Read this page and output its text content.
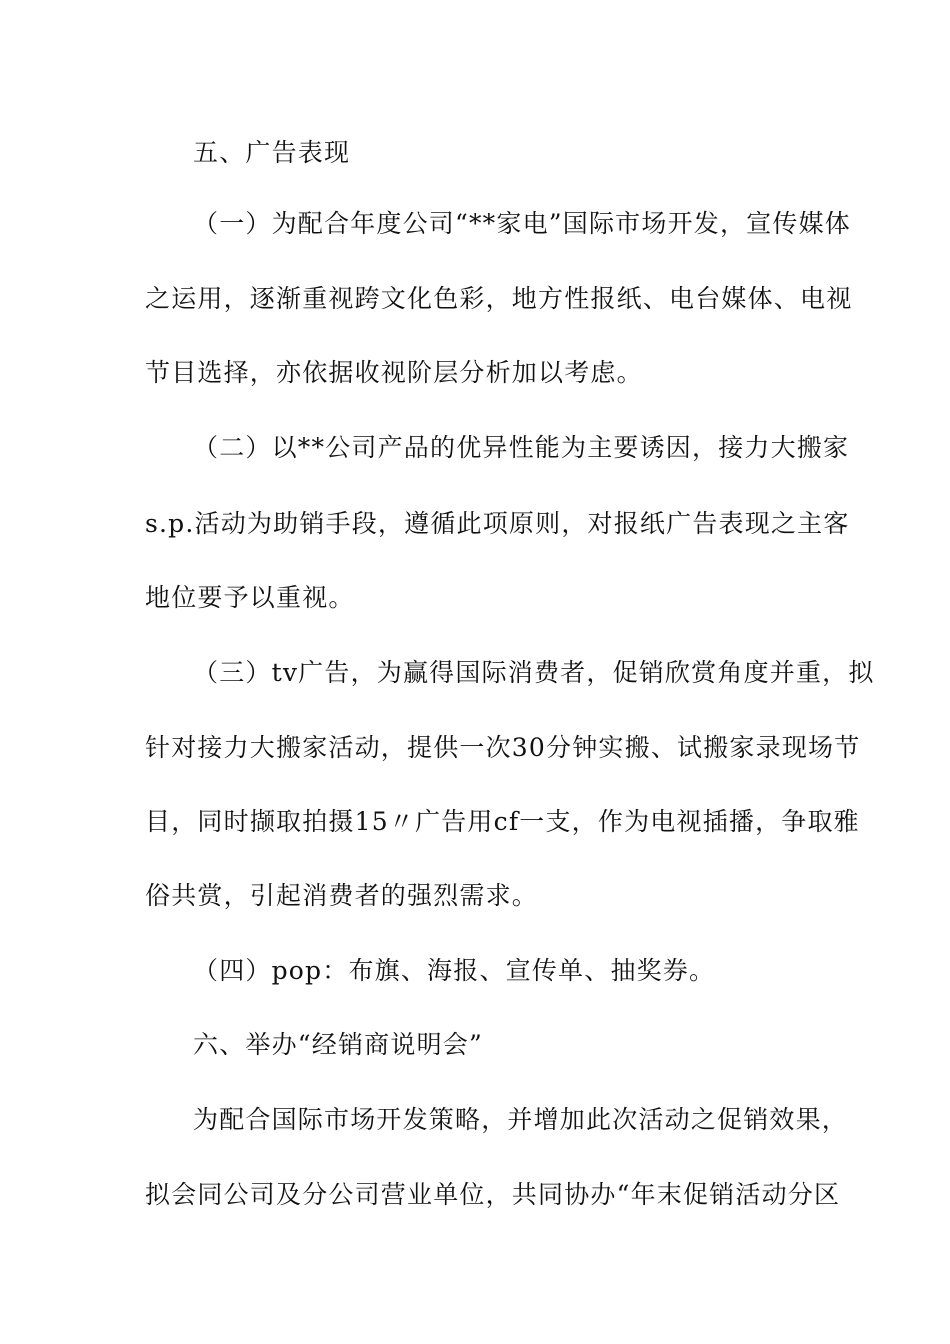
五、广告表现
（一）为配合年度公司“**家电”国际市场开发，宣传媒体
之运用，逐渐重视跨文化色彩，地方性报纸、电台媒体、电视
节目选择，亦依据收视阶层分析加以考虑。
（二）以**公司产品的优异性能为主要诱因，接力大搬家
s.p.活动为助销手段，遵循此项原则，对报纸广告表现之主客
地位要予以重视。
（三）tv广告，为赢得国际消费者，促销欣赏角度并重，拟
针对接力大搬家活动，提供一次30分钟实搬、试搬家录现场节
目，同时撷取拍摄15〃广告用cf一支，作为电视插播，争取雅
俗共赏，引起消费者的强烈需求。
（四）pop：布旗、海报、宣传单、抽奖券。
六、举办“经销商说明会”
为配合国际市场开发策略，并增加此次活动之促销效果，
拟会同公司及分公司营业单位，共同协办“年末促销活动分区
